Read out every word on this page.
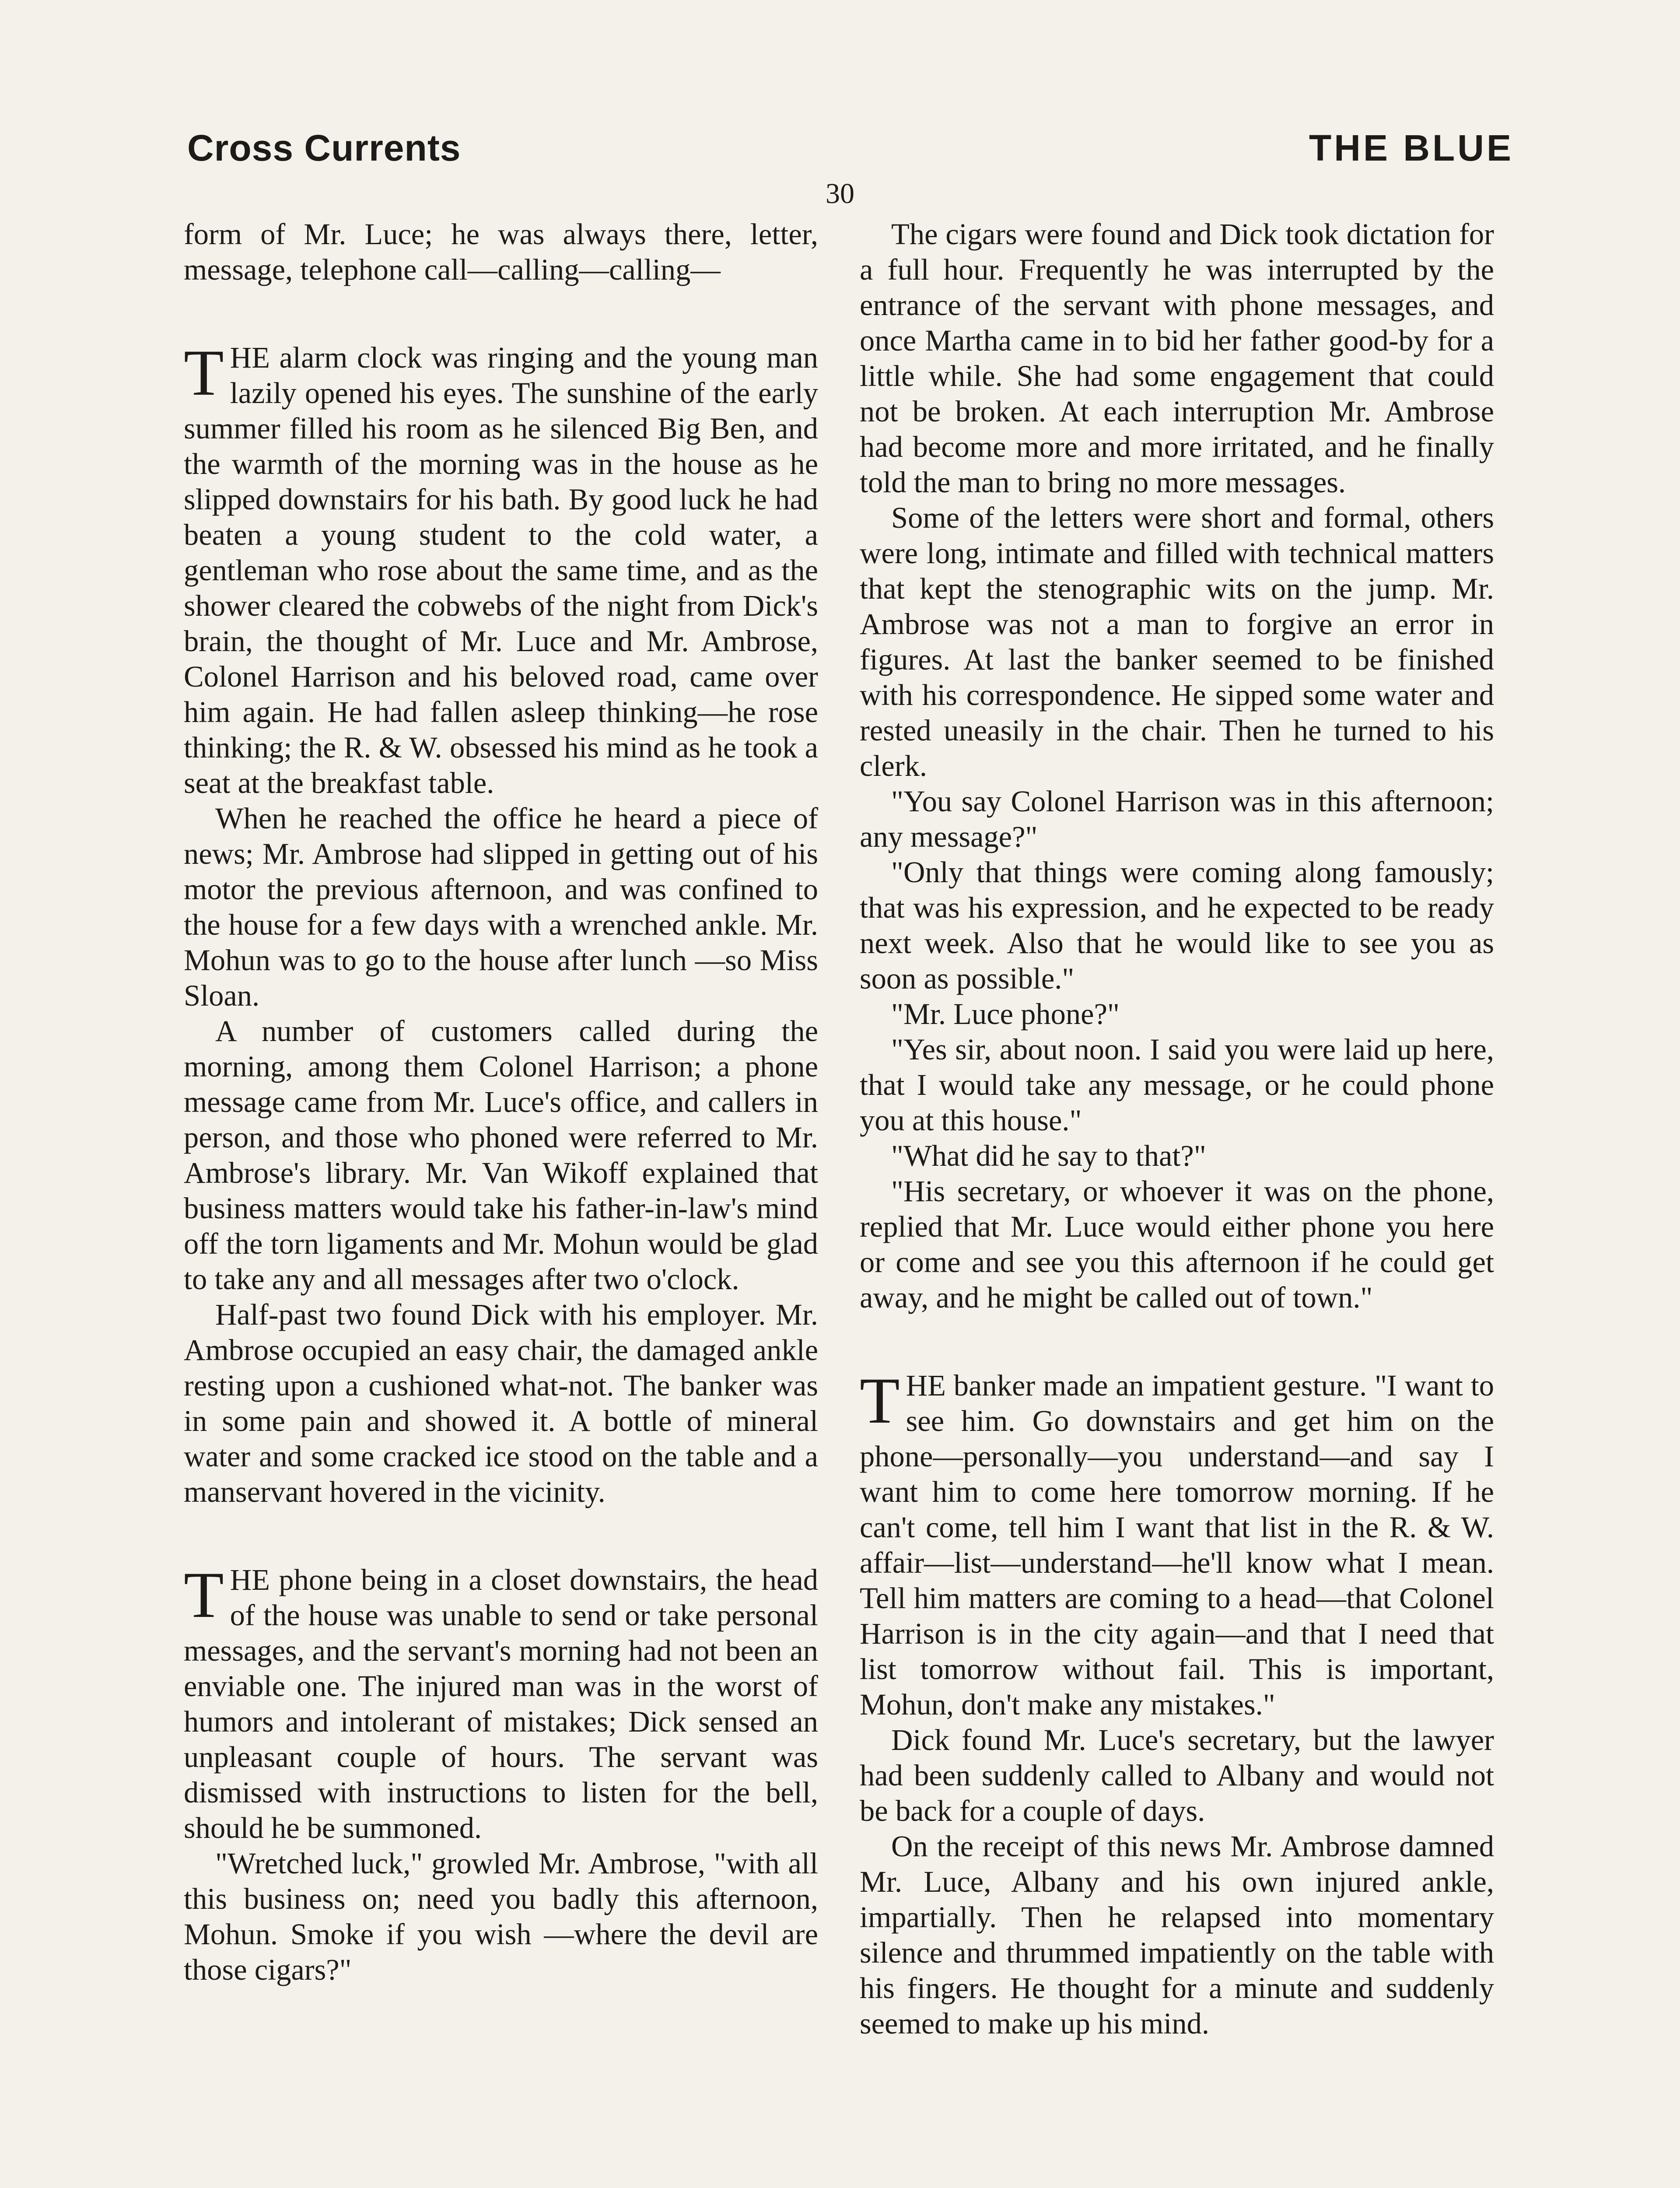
Cross Currents	THE BLUE
30

form of Mr. Luce; he was always there, letter, message, telephone call—calling—calling—

THE alarm clock was ringing and the young man lazily opened his eyes. The sunshine of the early summer filled his room as he silenced Big Ben, and the warmth of the morning was in the house as he slipped downstairs for his bath. By good luck he had beaten a young student to the cold water, a gentleman who rose about the same time, and as the shower cleared the cobwebs of the night from Dick's brain, the thought of Mr. Luce and Mr. Ambrose, Colonel Harrison and his beloved road, came over him again. He had fallen asleep thinking—he rose thinking; the R. & W. obsessed his mind as he took a seat at the breakfast table.

When he reached the office he heard a piece of news; Mr. Ambrose had slipped in getting out of his motor the previous afternoon, and was confined to the house for a few days with a wrenched ankle. Mr. Mohun was to go to the house after lunch —so Miss Sloan.

A number of customers called during the morning, among them Colonel Harrison; a phone message came from Mr. Luce's office, and callers in person, and those who phoned were referred to Mr. Ambrose's library. Mr. Van Wikoff explained that business matters would take his father-in-law's mind off the torn ligaments and Mr. Mohun would be glad to take any and all messages after two o'clock.

Half-past two found Dick with his employer. Mr. Ambrose occupied an easy chair, the damaged ankle resting upon a cushioned what-not. The banker was in some pain and showed it. A bottle of mineral water and some cracked ice stood on the table and a manservant hovered in the vicinity.

THE phone being in a closet downstairs, the head of the house was unable to send or take personal messages, and the servant's morning had not been an enviable one. The injured man was in the worst of humors and intolerant of mistakes; Dick sensed an unpleasant couple of hours. The servant was dismissed with instructions to listen for the bell, should he be summoned.

"Wretched luck," growled Mr. Ambrose, "with all this business on; need you badly this afternoon, Mohun. Smoke if you wish —where the devil are those cigars?"

The cigars were found and Dick took dictation for a full hour. Frequently he was interrupted by the entrance of the servant with phone messages, and once Martha came in to bid her father good-by for a little while. She had some engagement that could not be broken. At each interruption Mr. Ambrose had become more and more irritated, and he finally told the man to bring no more messages.

Some of the letters were short and formal, others were long, intimate and filled with technical matters that kept the stenographic wits on the jump. Mr. Ambrose was not a man to forgive an error in figures. At last the banker seemed to be finished with his correspondence. He sipped some water and rested uneasily in the chair. Then he turned to his clerk.

"You say Colonel Harrison was in this afternoon; any message?"

"Only that things were coming along famously; that was his expression, and he expected to be ready next week. Also that he would like to see you as soon as possible."

"Mr. Luce phone?"

"Yes sir, about noon. I said you were laid up here, that I would take any message, or he could phone you at this house."

"What did he say to that?"

"His secretary, or whoever it was on the phone, replied that Mr. Luce would either phone you here or come and see you this afternoon if he could get away, and he might be called out of town."

THE banker made an impatient gesture. "I want to see him. Go downstairs and get him on the phone—personally—you understand—and say I want him to come here tomorrow morning. If he can't come, tell him I want that list in the R. & W. affair—list—understand—he'll know what I mean. Tell him matters are coming to a head—that Colonel Harrison is in the city again—and that I need that list tomorrow without fail. This is important, Mohun, don't make any mistakes."

Dick found Mr. Luce's secretary, but the lawyer had been suddenly called to Albany and would not be back for a couple of days.

On the receipt of this news Mr. Ambrose damned Mr. Luce, Albany and his own injured ankle, impartially. Then he relapsed into momentary silence and thrummed impatiently on the table with his fingers. He thought for a minute and suddenly seemed to make up his mind.
